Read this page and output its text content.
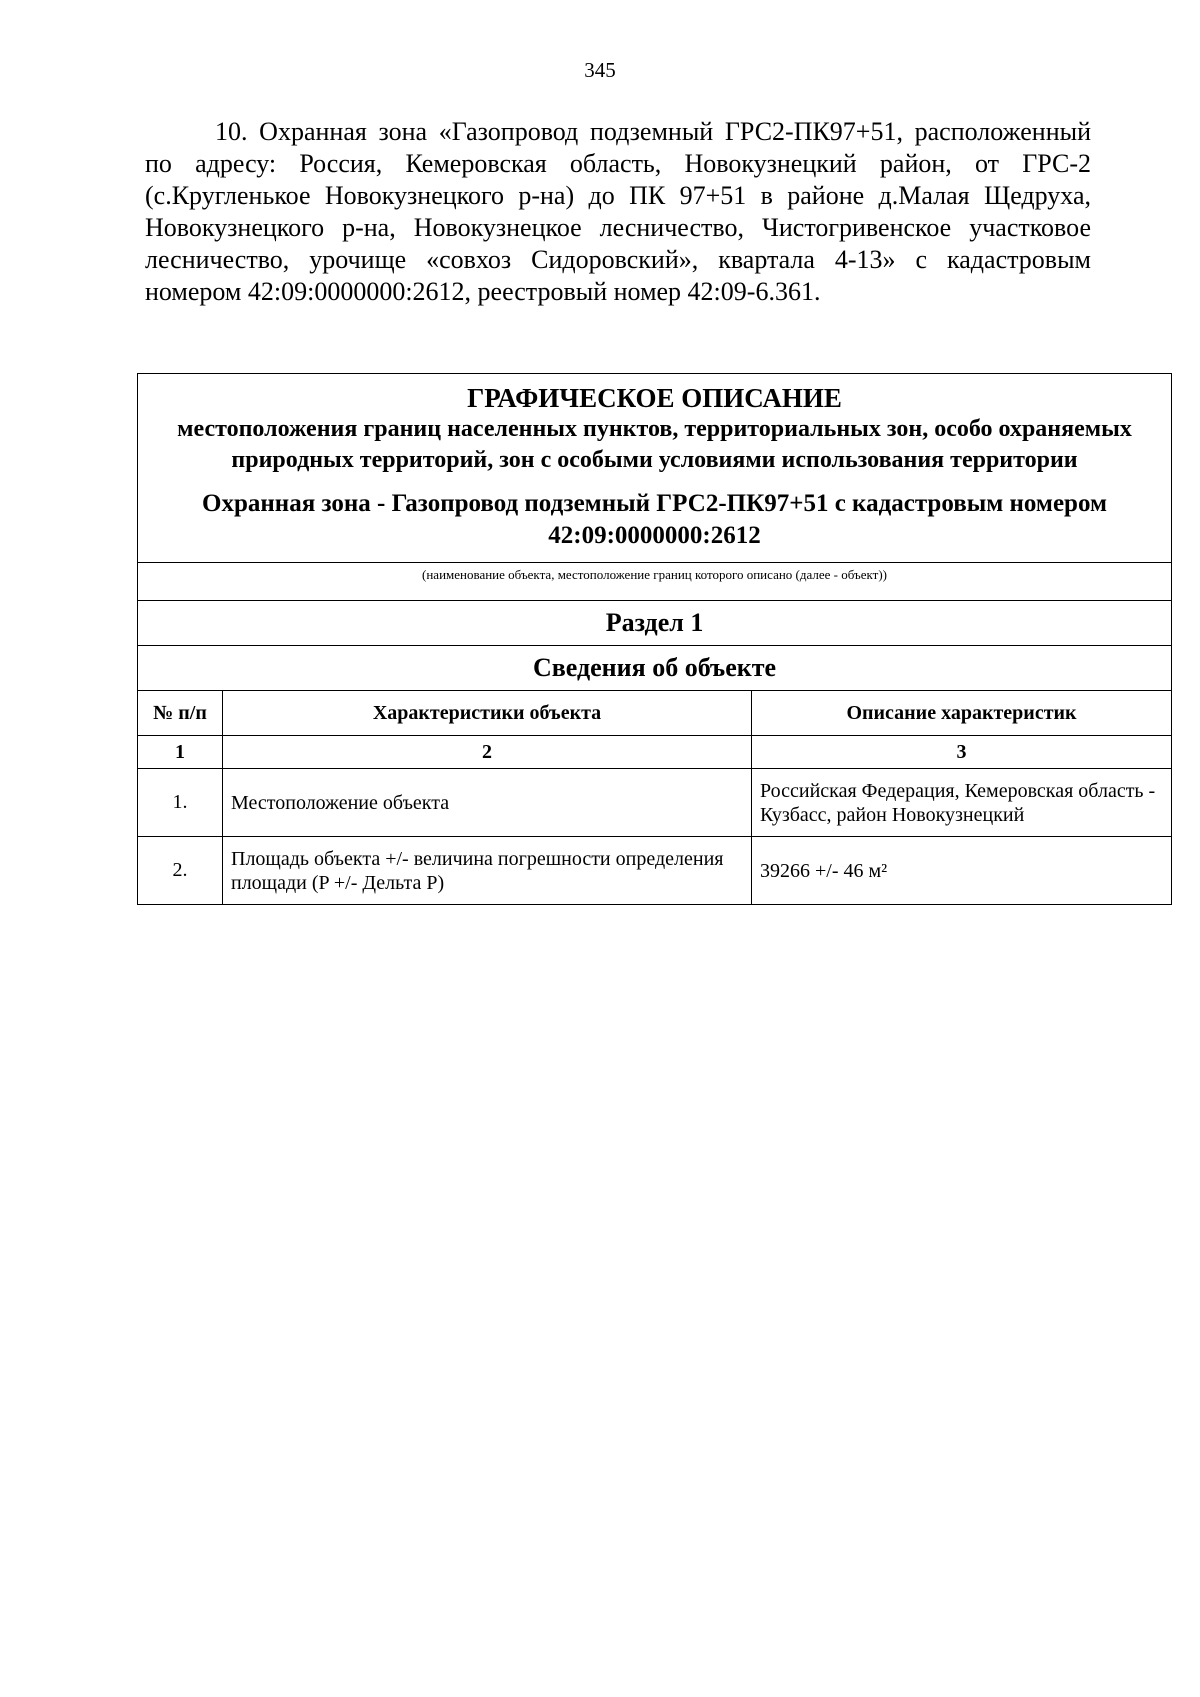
345

10. Охранная зона «Газопровод подземный ГРС2-ПК97+51, расположенный по адресу: Россия, Кемеровская область, Новокузнецкий район, от ГРС-2 (с.Кругленькое Новокузнецкого р-на) до ПК 97+51 в районе д.Малая Щедруха, Новокузнецкого р-на, Новокузнецкое лесничество, Чистогривенское участковое лесничество, урочище «совхоз Сидоровский», квартала 4-13» с кадастровым номером 42:09:0000000:2612, реестровый номер 42:09-6.361.

ГРАФИЧЕСКОЕ ОПИСАНИЕ
местоположения границ населенных пунктов, территориальных зон, особо охраняемых природных территорий, зон с особыми условиями использования территории
Охранная зона - Газопровод подземный ГРС2-ПК97+51 с кадастровым номером 42:09:0000000:2612		

(наименование объекта, местоположение границ которого описано (далее - объект))		
Раздел 1		
Сведения об объекте		
№ п/п	Характеристики объекта	Описание характеристик
1	2	3
1.	Местоположение объекта	Российская Федерация, Кемеровская область - Кузбасс, район Новокузнецкий
2.	Площадь объекта +/- величина погрешности определения площади (P +/- Дельта P)	39266 +/- 46 м²
